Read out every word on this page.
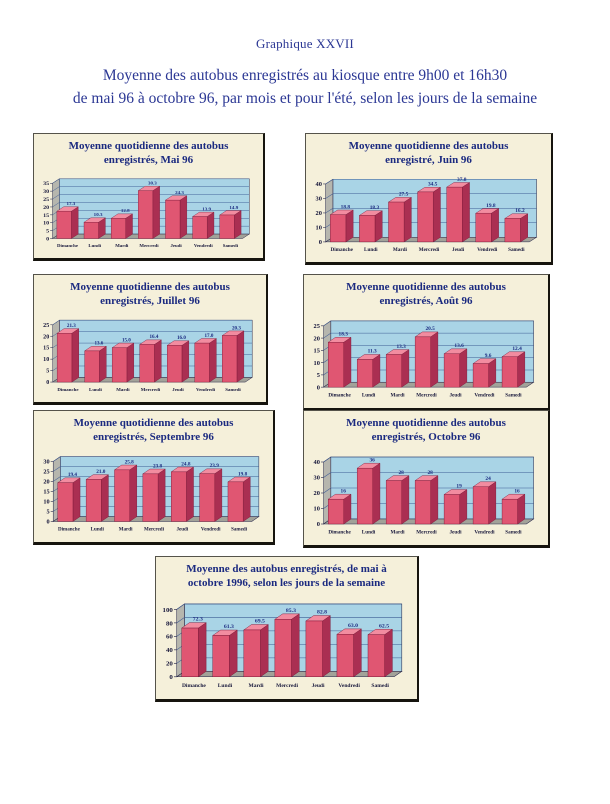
Graphique XXVII
Moyenne des autobus enregistrés au kiosque entre 9h00 et 16h30
de mai 96 à octobre 96, par mois et pour l'été, selon les jours de la semaine
Moyenne quotidienne des autobus
enregistrés, Mai 96
0
5
10
15
20
25
30
35
17.3
Dimanche
10.3
Lundi
12.8
Mardi
30.3
Mercredi
24.3
Jeudi
13.9
Vendredi
14.9
Samedi
Moyenne quotidienne des autobus
enregistré, Juin 96
0
10
20
30
40
18.8
Dimanche
18.3
Lundi
27.5
Mardi
34.5
Mercredi
37.8
Jeudi
19.8
Vendredi
16.2
Samedi
Moyenne quotidienne des autobus
enregistrés, Juillet 96
0
5
10
15
20
25	21.3
Dimanche
13.6
Lundi
15.0
Mardi
16.4
Mercredi
16.0
Jeudi
17.0
Vendredi
20.3
Samedi
Moyenne quotidienne des autobus
enregistrés, Août 96
0
5
10
15
20
25
18.3
Dimanche
11.3
Lundi
13.3
Mardi
20.5
Mercredi
13.6
Jeudi
9.6
Vendredi
12.4
Samedi
Moyenne quotidienne des autobus
enregistrés, Septembre 96
0
5
10
15
20
25
30
19.4
Dimanche
21.0
Lundi
25.8
Mardi
23.8
Mercredi
24.8
Jeudi
23.9
Vendredi
19.8
Samedi
Moyenne quotidienne des autobus
enregistrés, Octobre 96
0
10
20
30
40
16
Dimanche
36
Lundi
28
Mardi
28
Mercredi
19
Jeudi
24
Vendredi
16
Samedi
Moyenne des autobus enregistrés, de mai à
octobre 1996, selon les jours de la semaine
0
20
40
60
80
100
72.3
Dimanche
61.3
Lundi
69.5
Mardi
85.3
Mercredi
82.8
Jeudi
63.0
Vendredi
62.5
Samedi
